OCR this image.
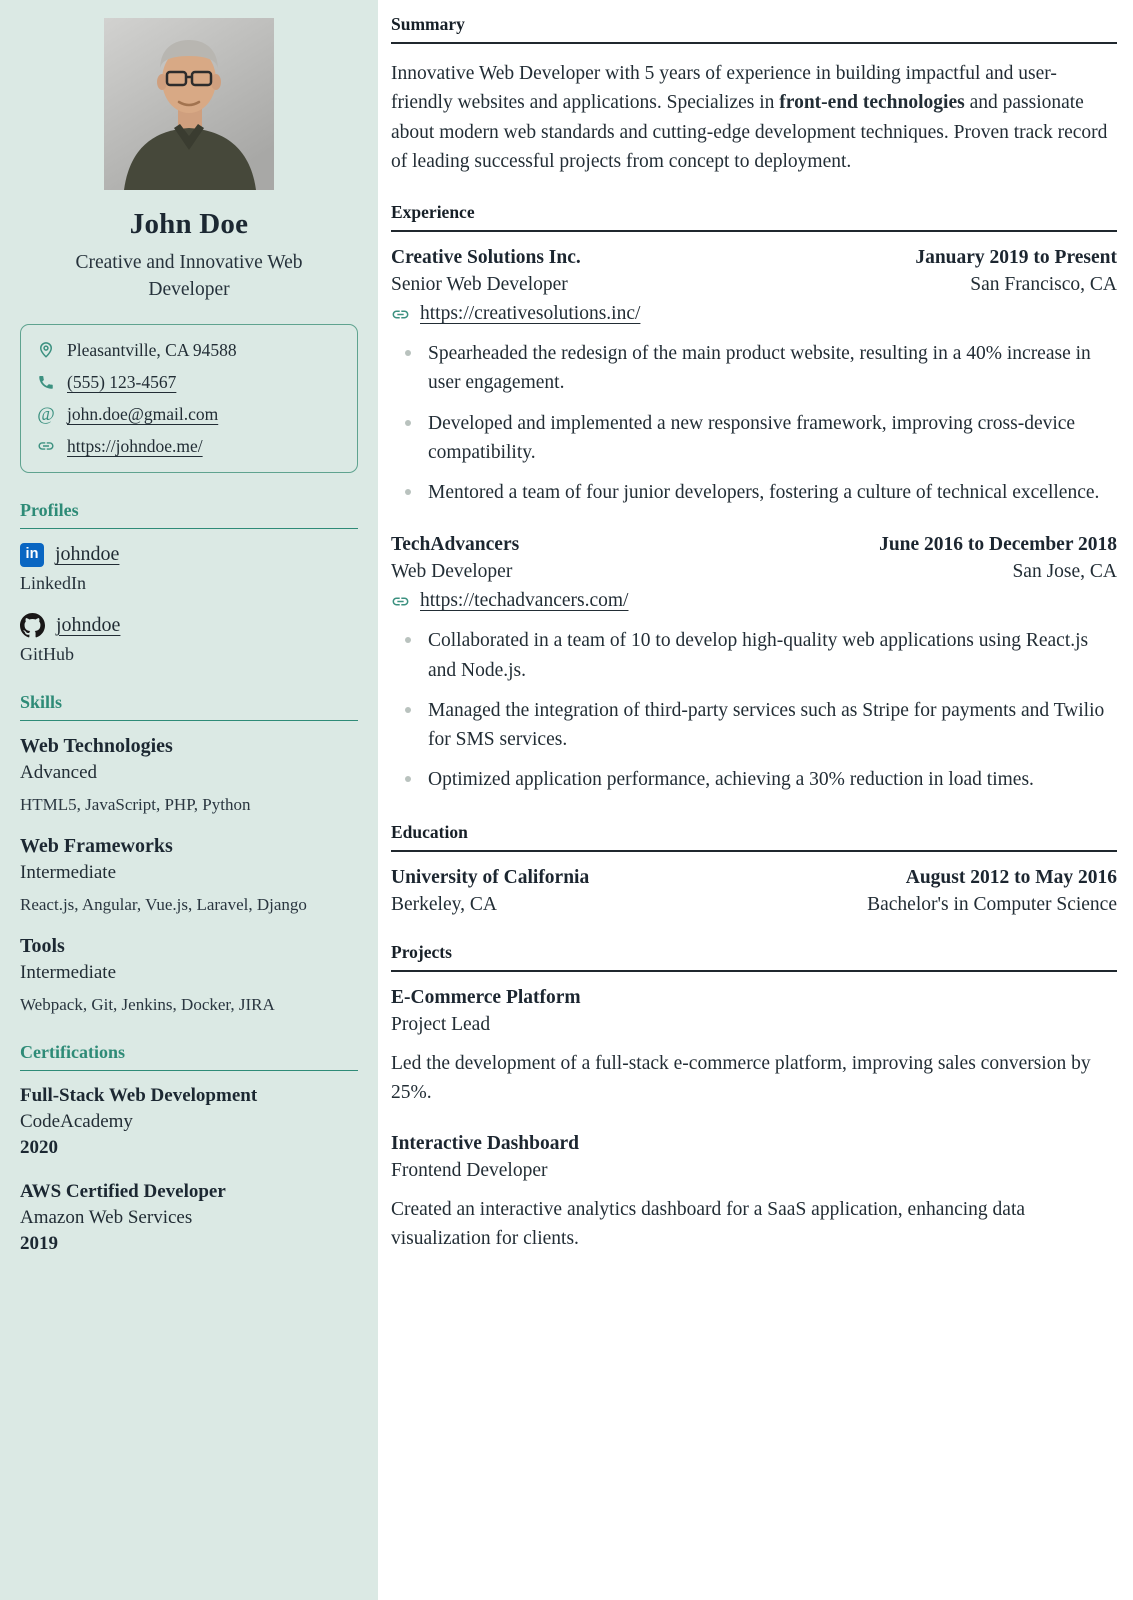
John Doe
Creative and Innovative Web Developer
Pleasantville, CA 94588
(555) 123-4567
@ john.doe@gmail.com
https://johndoe.me/
Profiles
in johndoe
LinkedIn
johndoe
GitHub
Skills
Web Technologies
Advanced
HTML5, JavaScript, PHP, Python
Web Frameworks
Intermediate
React.js, Angular, Vue.js, Laravel, Django
Tools
Intermediate
Webpack, Git, Jenkins, Docker, JIRA
Certifications
Full-Stack Web Development
CodeAcademy
2020
AWS Certified Developer
Amazon Web Services
2019
Summary

Innovative Web Developer with 5 years of experience in building impactful and user-friendly websites and applications. Specializes in front-end technologies and passionate about modern web standards and cutting-edge development techniques. Proven track record of leading successful projects from concept to deployment.

Experience
Creative Solutions Inc.	January 2019 to Present
Senior Web Developer	San Francisco, CA
https://creativesolutions.inc/
Spearheaded the redesign of the main product website, resulting in a 40% increase in user engagement.
Developed and implemented a new responsive framework, improving cross-device compatibility.
Mentored a team of four junior developers, fostering a culture of technical excellence.
TechAdvancers	June 2016 to December 2018
Web Developer	San Jose, CA
https://techadvancers.com/
Collaborated in a team of 10 to develop high-quality web applications using React.js and Node.js.
Managed the integration of third-party services such as Stripe for payments and Twilio for SMS services.
Optimized application performance, achieving a 30% reduction in load times.
Education
University of California	August 2012 to May 2016
Berkeley, CA	Bachelor's in Computer Science
Projects
E-Commerce Platform
Project Lead

Led the development of a full-stack e-commerce platform, improving sales conversion by 25%.

Interactive Dashboard
Frontend Developer

Created an interactive analytics dashboard for a SaaS application, enhancing data visualization for clients.
